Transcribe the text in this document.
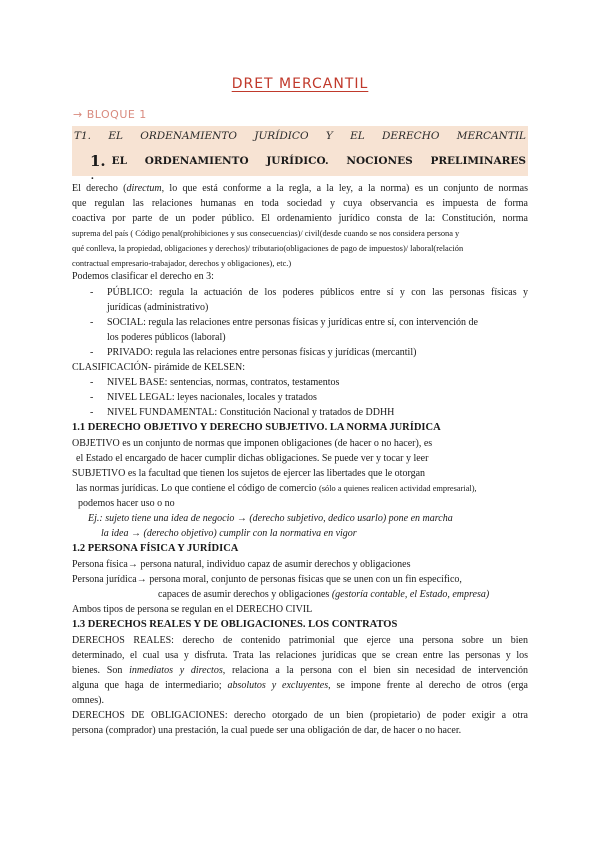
DRET MERCANTIL
→ BLOQUE 1
T1. EL ORDENAMIENTO JURÍDICO Y EL DERECHO MERCANTIL
1. EL ORDENAMIENTO JURÍDICO. NOCIONES PRELIMINARES
.
El derecho (directum, lo que está conforme a la regla, a la ley, a la norma) es un conjunto de normas
que regulan las relaciones humanas en toda sociedad y cuya observancia es impuesta de forma
coactiva por parte de un poder público. El ordenamiento jurídico consta de la: Constitución, norma
suprema del país ( Código penal(prohibiciones y sus consecuencias)/ civil(desde cuando se nos considera persona y
qué conlleva, la propiedad, obligaciones y derechos)/ tributario(obligaciones de pago de impuestos)/ laboral(relación
contractual empresario-trabajador, derechos y obligaciones), etc.)
Podemos clasificar el derecho en 3:
- PÚBLICO: regula la actuación de los poderes públicos entre sí y con las personas físicas y
jurídicas (administrativo)
- SOCIAL: regula las relaciones entre personas físicas y jurídicas entre sí, con intervención de
los poderes públicos (laboral)
- PRIVADO: regula las relaciones entre personas físicas y jurídicas (mercantil)
CLASIFICACIÓN- pirámide de KELSEN:
- NIVEL BASE: sentencias, normas, contratos, testamentos
- NIVEL LEGAL: leyes nacionales, locales y tratados
- NIVEL FUNDAMENTAL: Constitución Nacional y tratados de DDHH
1.1 DERECHO OBJETIVO Y DERECHO SUBJETIVO. LA NORMA JURÍDICA
OBJETIVO es un conjunto de normas que imponen obligaciones (de hacer o no hacer), es
el Estado el encargado de hacer cumplir dichas obligaciones. Se puede ver y tocar y leer
SUBJETIVO es la facultad que tienen los sujetos de ejercer las libertades que le otorgan
las normas jurídicas. Lo que contiene el código de comercio (sólo a quienes realicen actividad empresarial),
podemos hacer uso o no
Ej.: sujeto tiene una idea de negocio → (derecho subjetivo, dedico usarlo) pone en marcha
la idea → (derecho objetivo) cumplir con la normativa en vigor
1.2 PERSONA FÍSICA Y JURÍDICA
Persona física→ persona natural, individuo capaz de asumir derechos y obligaciones
Persona jurídica→ persona moral, conjunto de personas físicas que se unen con un fin específico,
capaces de asumir derechos y obligaciones (gestoría contable, el Estado, empresa)
Ambos tipos de persona se regulan en el DERECHO CIVIL
1.3 DERECHOS REALES Y DE OBLIGACIONES. LOS CONTRATOS
DERECHOS REALES: derecho de contenido patrimonial que ejerce una persona sobre un bien
determinado, el cual usa y disfruta. Trata las relaciones jurídicas que se crean entre las personas y los
bienes. Son inmediatos y directos, relaciona a la persona con el bien sin necesidad de intervención
alguna que haga de intermediario; absolutos y excluyentes, se impone frente al derecho de otros (erga
omnes).
DERECHOS DE OBLIGACIONES: derecho otorgado de un bien (propietario) de poder exigir a otra
persona (comprador) una prestación, la cual puede ser una obligación de dar, de hacer o no hacer.
